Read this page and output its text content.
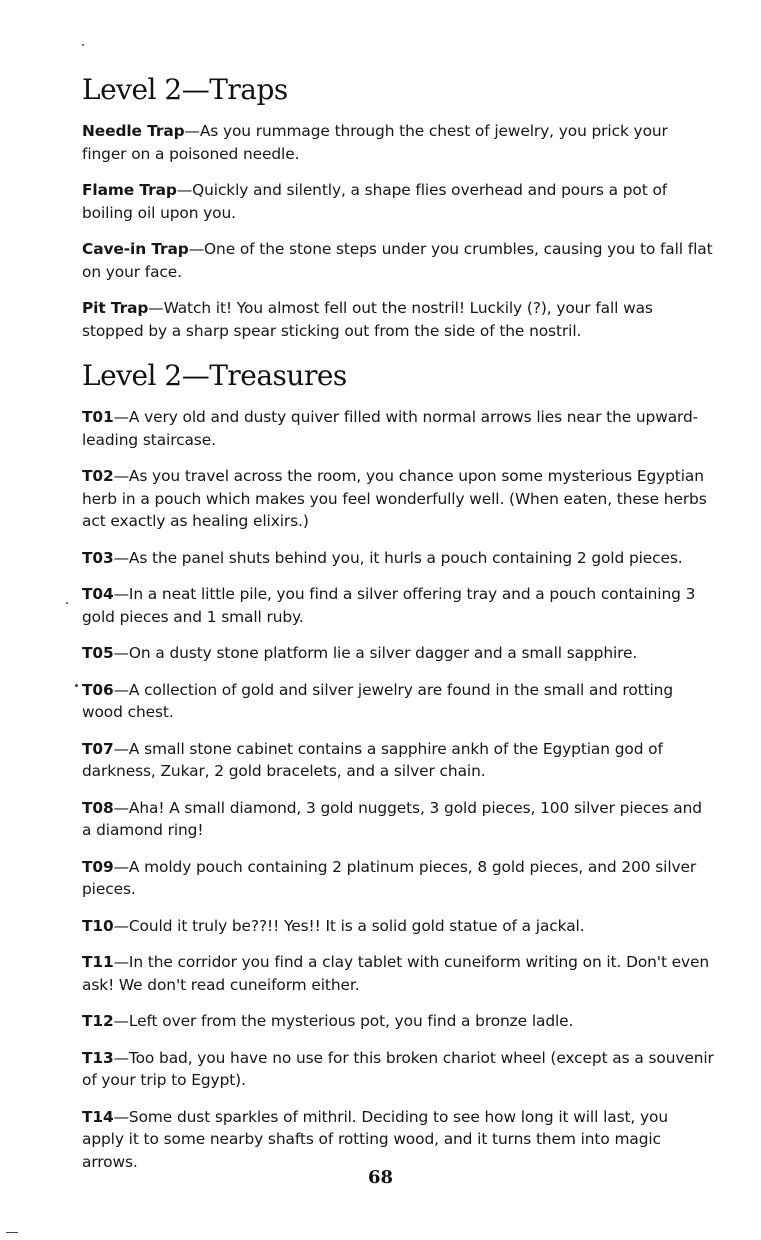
Level 2—Traps

Needle Trap—As you rummage through the chest of jewelry, you prick your finger on a poisoned needle.

Flame Trap—Quickly and silently, a shape flies overhead and pours a pot of boiling oil upon you.

Cave-in Trap—One of the stone steps under you crumbles, causing you to fall flat on your face.

Pit Trap—Watch it! You almost fell out the nostril! Luckily (?), your fall was stopped by a sharp spear sticking out from the side of the nostril.

Level 2—Treasures

T01—A very old and dusty quiver filled with normal arrows lies near the upward-leading staircase.

T02—As you travel across the room, you chance upon some mysterious Egyptian herb in a pouch which makes you feel wonderfully well. (When eaten, these herbs act exactly as healing elixirs.)

T03—As the panel shuts behind you, it hurls a pouch containing 2 gold pieces.

T04—In a neat little pile, you find a silver offering tray and a pouch containing 3 gold pieces and 1 small ruby.

T05—On a dusty stone platform lie a silver dagger and a small sapphire.

T06—A collection of gold and silver jewelry are found in the small and rotting wood chest.

T07—A small stone cabinet contains a sapphire ankh of the Egyptian god of darkness, Zukar, 2 gold bracelets, and a silver chain.

T08—Aha! A small diamond, 3 gold nuggets, 3 gold pieces, 100 silver pieces and a diamond ring!

T09—A moldy pouch containing 2 platinum pieces, 8 gold pieces, and 200 silver pieces.

T10—Could it truly be??!! Yes!! It is a solid gold statue of a jackal.

T11—In the corridor you find a clay tablet with cuneiform writing on it. Don't even ask! We don't read cuneiform either.

T12—Left over from the mysterious pot, you find a bronze ladle.

T13—Too bad, you have no use for this broken chariot wheel (except as a souvenir of your trip to Egypt).

T14—Some dust sparkles of mithril. Deciding to see how long it will last, you apply it to some nearby shafts of rotting wood, and it turns them into magic arrows.

68
